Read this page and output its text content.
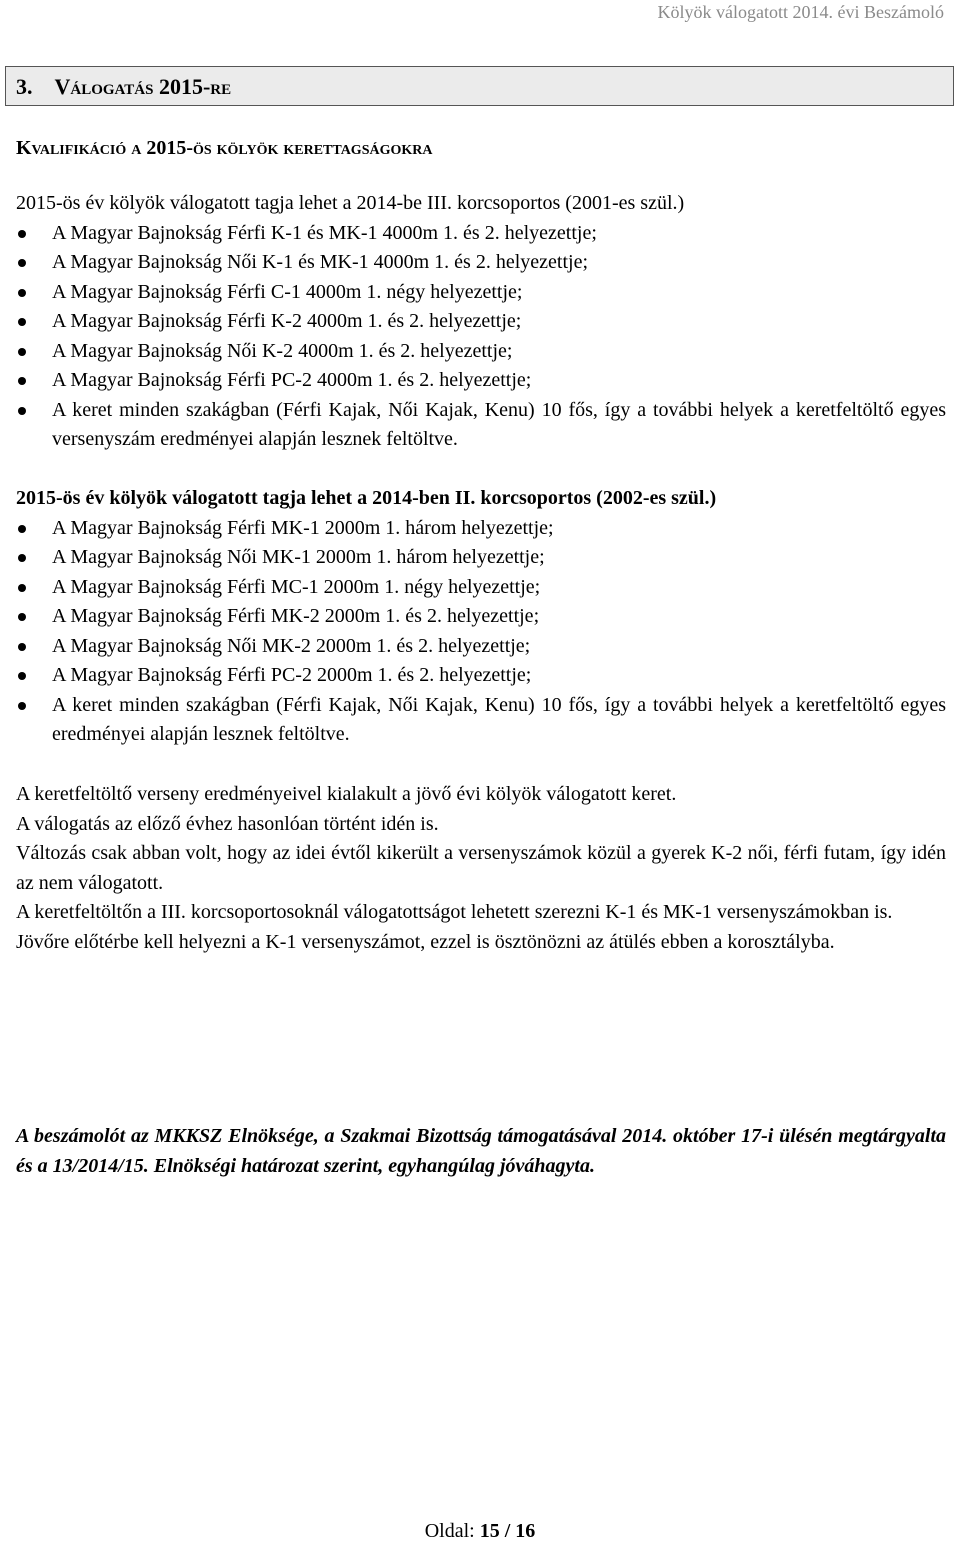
Kölyök válogatott 2014. évi Beszámoló
3. Válogatás 2015-re
Kvalifikáció a 2015-ös kölyök kerettagságokra
2015-ös év kölyök válogatott tagja lehet a 2014-be III. korcsoportos (2001-es szül.)
A Magyar Bajnokság Férfi K-1 és MK-1 4000m 1. és 2. helyezettje;
A Magyar Bajnokság Női K-1 és MK-1 4000m 1. és 2. helyezettje;
A Magyar Bajnokság Férfi C-1 4000m 1. négy helyezettje;
A Magyar Bajnokság Férfi K-2 4000m 1. és 2. helyezettje;
A Magyar Bajnokság Női K-2 4000m 1. és 2. helyezettje;
A Magyar Bajnokság Férfi PC-2 4000m 1. és 2. helyezettje;
A keret minden szakágban (Férfi Kajak, Női Kajak, Kenu) 10 fős, így a további helyek a keretfeltöltő egyes versenyszám eredményei alapján lesznek feltöltve.
2015-ös év kölyök válogatott tagja lehet a 2014-ben II. korcsoportos (2002-es szül.)
A Magyar Bajnokság Férfi MK-1 2000m 1. három helyezettje;
A Magyar Bajnokság Női MK-1 2000m 1. három helyezettje;
A Magyar Bajnokság Férfi MC-1 2000m 1. négy helyezettje;
A Magyar Bajnokság Férfi MK-2 2000m 1. és 2. helyezettje;
A Magyar Bajnokság Női MK-2 2000m 1. és 2. helyezettje;
A Magyar Bajnokság Férfi PC-2 2000m 1. és 2. helyezettje;
A keret minden szakágban (Férfi Kajak, Női Kajak, Kenu) 10 fős, így a további helyek a keretfeltöltő egyes eredményei alapján lesznek feltöltve.

A keretfeltöltő verseny eredményeivel kialakult a jövő évi kölyök válogatott keret.

A válogatás az előző évhez hasonlóan történt idén is.

Változás csak abban volt, hogy az idei évtől kikerült a versenyszámok közül a gyerek K-2 női, férfi futam, így idén az nem válogatott.

A keretfeltöltőn a III. korcsoportosoknál válogatottságot lehetett szerezni K-1 és MK-1 versenyszámokban is.

Jövőre előtérbe kell helyezni a K-1 versenyszámot, ezzel is ösztönözni az átülés ebben a korosztályba.

A beszámolót az MKKSZ Elnöksége, a Szakmai Bizottság támogatásával 2014. október 17-i ülésén megtárgyalta és a 13/2014/15. Elnökségi határozat szerint, egyhangúlag jóváhagyta.
Oldal: 15 / 16
